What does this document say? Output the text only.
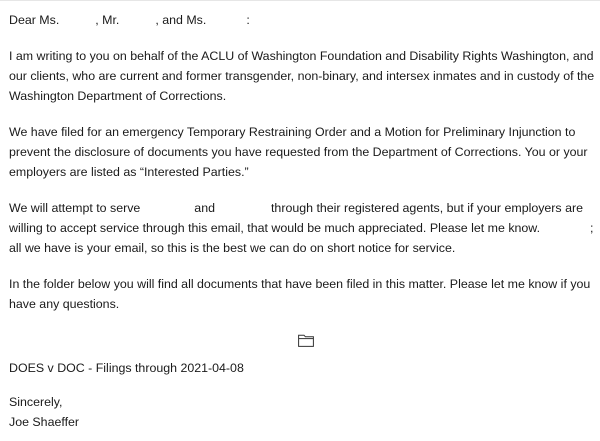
Dear Ms.	, Mr.	, and Ms.	:
I am writing to you on behalf of the ACLU of Washington Foundation and Disability Rights Washington, and
our clients, who are current and former transgender, non-binary, and intersex inmates and in custody of the
Washington Department of Corrections.
We have filed for an emergency Temporary Restraining Order and a Motion for Preliminary Injunction to
prevent the disclosure of documents you have requested from the Department of Corrections. You or your
employers are listed as “Interested Parties.”
We will attempt to serve	and	through their registered agents, but if your employers are
willing to accept service through this email, that would be much appreciated. Please let me know.	;
all we have is your email, so this is the best we can do on short notice for service.
In the folder below you will find all documents that have been filed in this matter. Please let me know if you
have any questions.
DOES v DOC - Filings through 2021-04-08
Sincerely,
Joe Shaeffer
